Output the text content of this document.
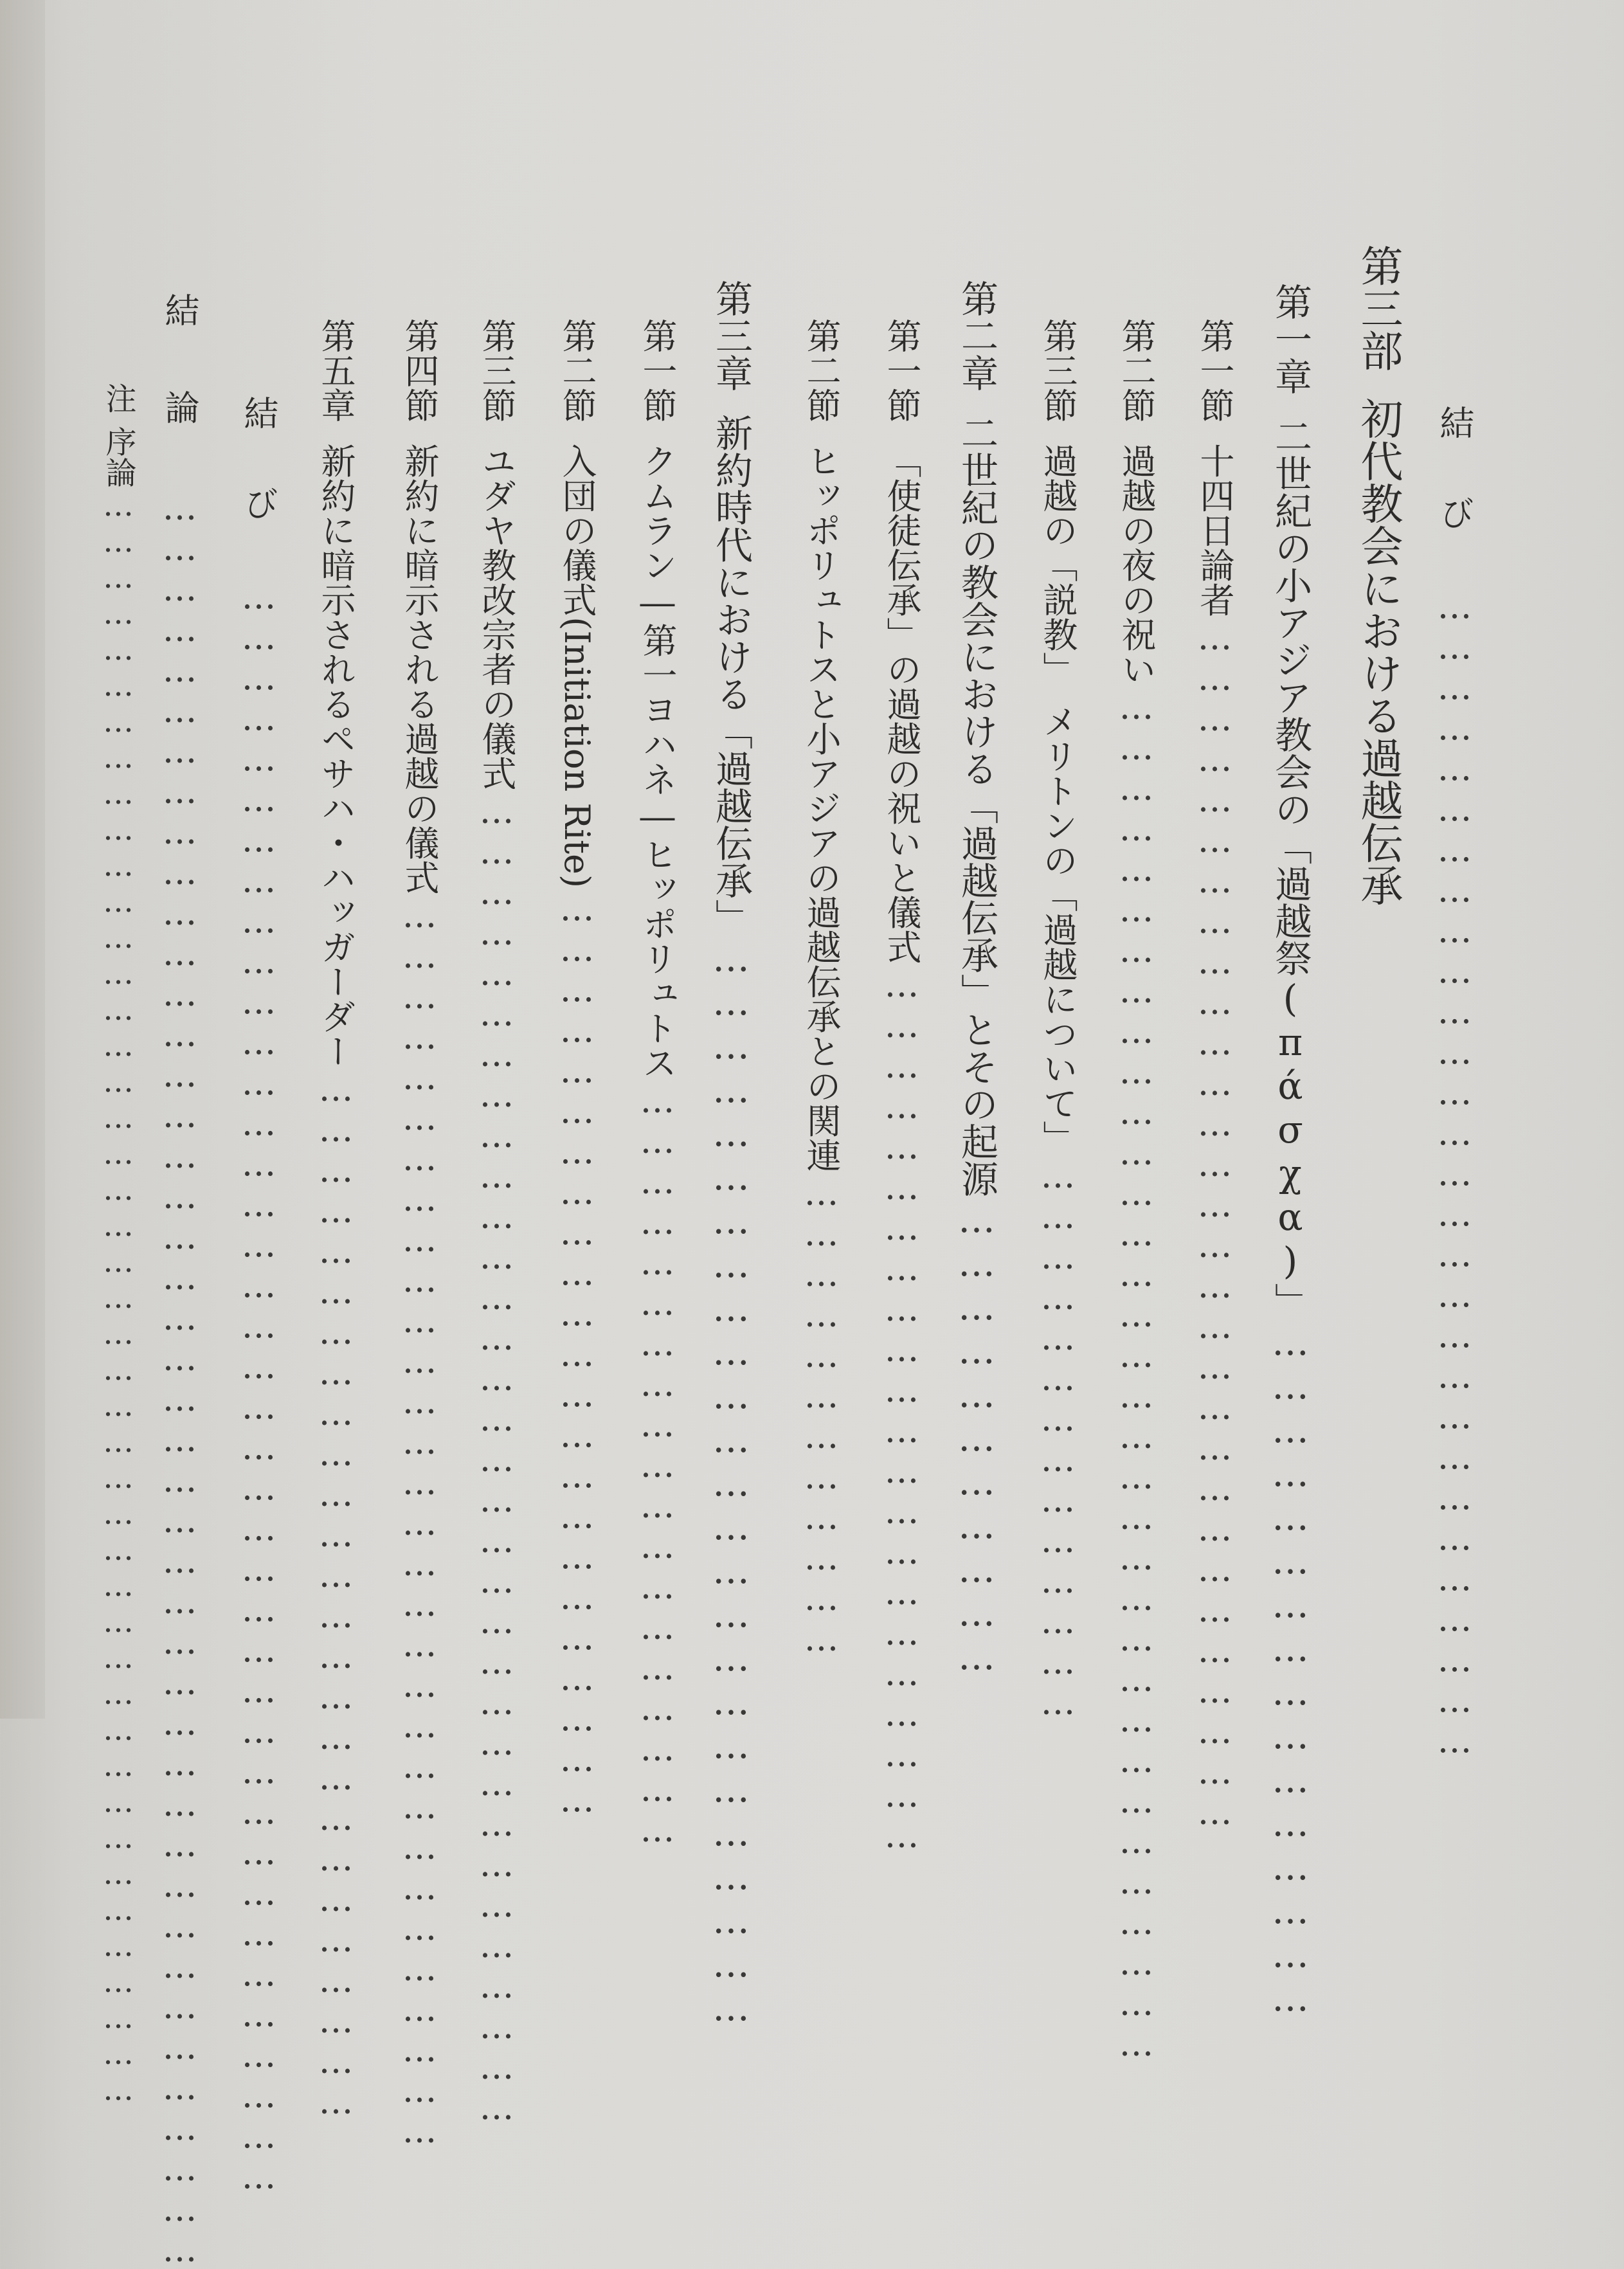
結び……………………………………………………………………………
第三部初代教会における過越伝承
第一章二世紀の小アジア教会の「過越祭(πάσχα)」…………………………………………
第一節十四日論者………………………………………………………………………………
第二節過越の夜の祝い…………………………………………………………………………………………
第三節過越の「説教」　メリトンの「過越について」……………………………………
第二章二世紀の教会における「過越伝承」とその起源……………………………
第一節「使徒伝承」の過越の祝いと儀式…………………………………………………………
第二節ヒッポリュトスと小アジアの過越伝承との関連………………………………
第三章新約時代における「過越伝承」…………………………………………………………………
第一節クムラン―第一ヨハネ―ヒッポリュトス…………………………………………………
第二節入団の儀式(Initiation Rite)……………………………………………………………
第三節ユダヤ教改宗者の儀式………………………………………………………………………………………
第四節新約に暗示される過越の儀式…………………………………………………………………………………
第五章新約に暗示されるペサハ・ハッガーダー……………………………………………………………………
結び…………………………………………………………………………………………………………
結論……………………………………………………………………………………………………………………
注序論………………………………………………………………………………………………………………………
